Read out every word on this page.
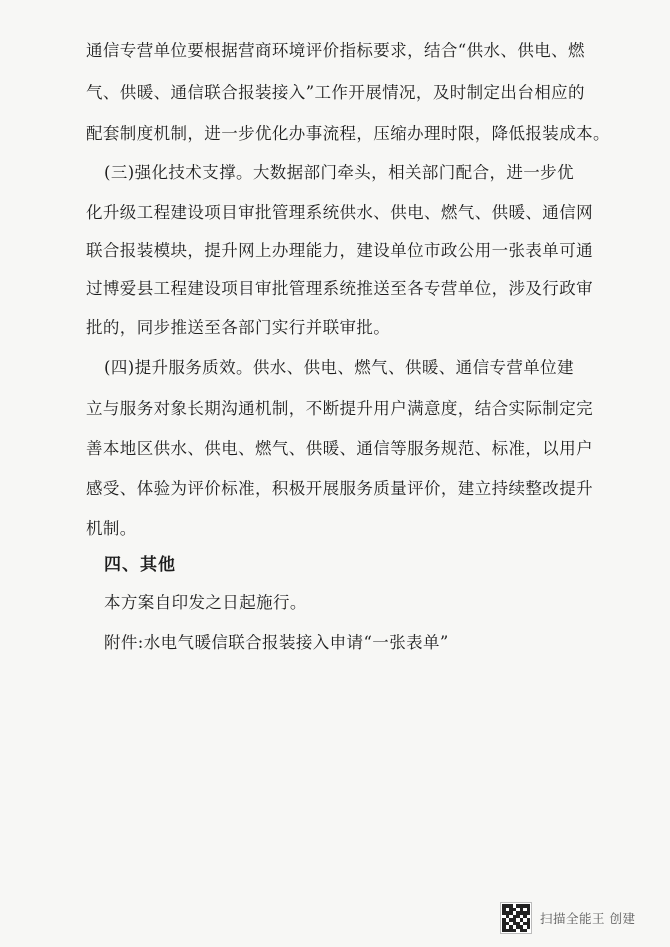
通信专营单位要根据营商环境评价指标要求，结合“供水、供电、燃
气、供暖、通信联合报装接入”工作开展情况，及时制定出台相应的
配套制度机制，进一步优化办事流程，压缩办理时限，降低报装成本。
(三)强化技术支撑。大数据部门牵头，相关部门配合，进一步优
化升级工程建设项目审批管理系统供水、供电、燃气、供暖、通信网
联合报装模块，提升网上办理能力，建设单位市政公用一张表单可通
过博爱县工程建设项目审批管理系统推送至各专营单位，涉及行政审
批的，同步推送至各部门实行并联审批。
(四)提升服务质效。供水、供电、燃气、供暖、通信专营单位建
立与服务对象长期沟通机制，不断提升用户满意度，结合实际制定完
善本地区供水、供电、燃气、供暖、通信等服务规范、标准，以用户
感受、体验为评价标准，积极开展服务质量评价，建立持续整改提升
机制。
四、其他
本方案自印发之日起施行。
附件:水电气暖信联合报装接入申请“一张表单”
扫描全能王 创建
